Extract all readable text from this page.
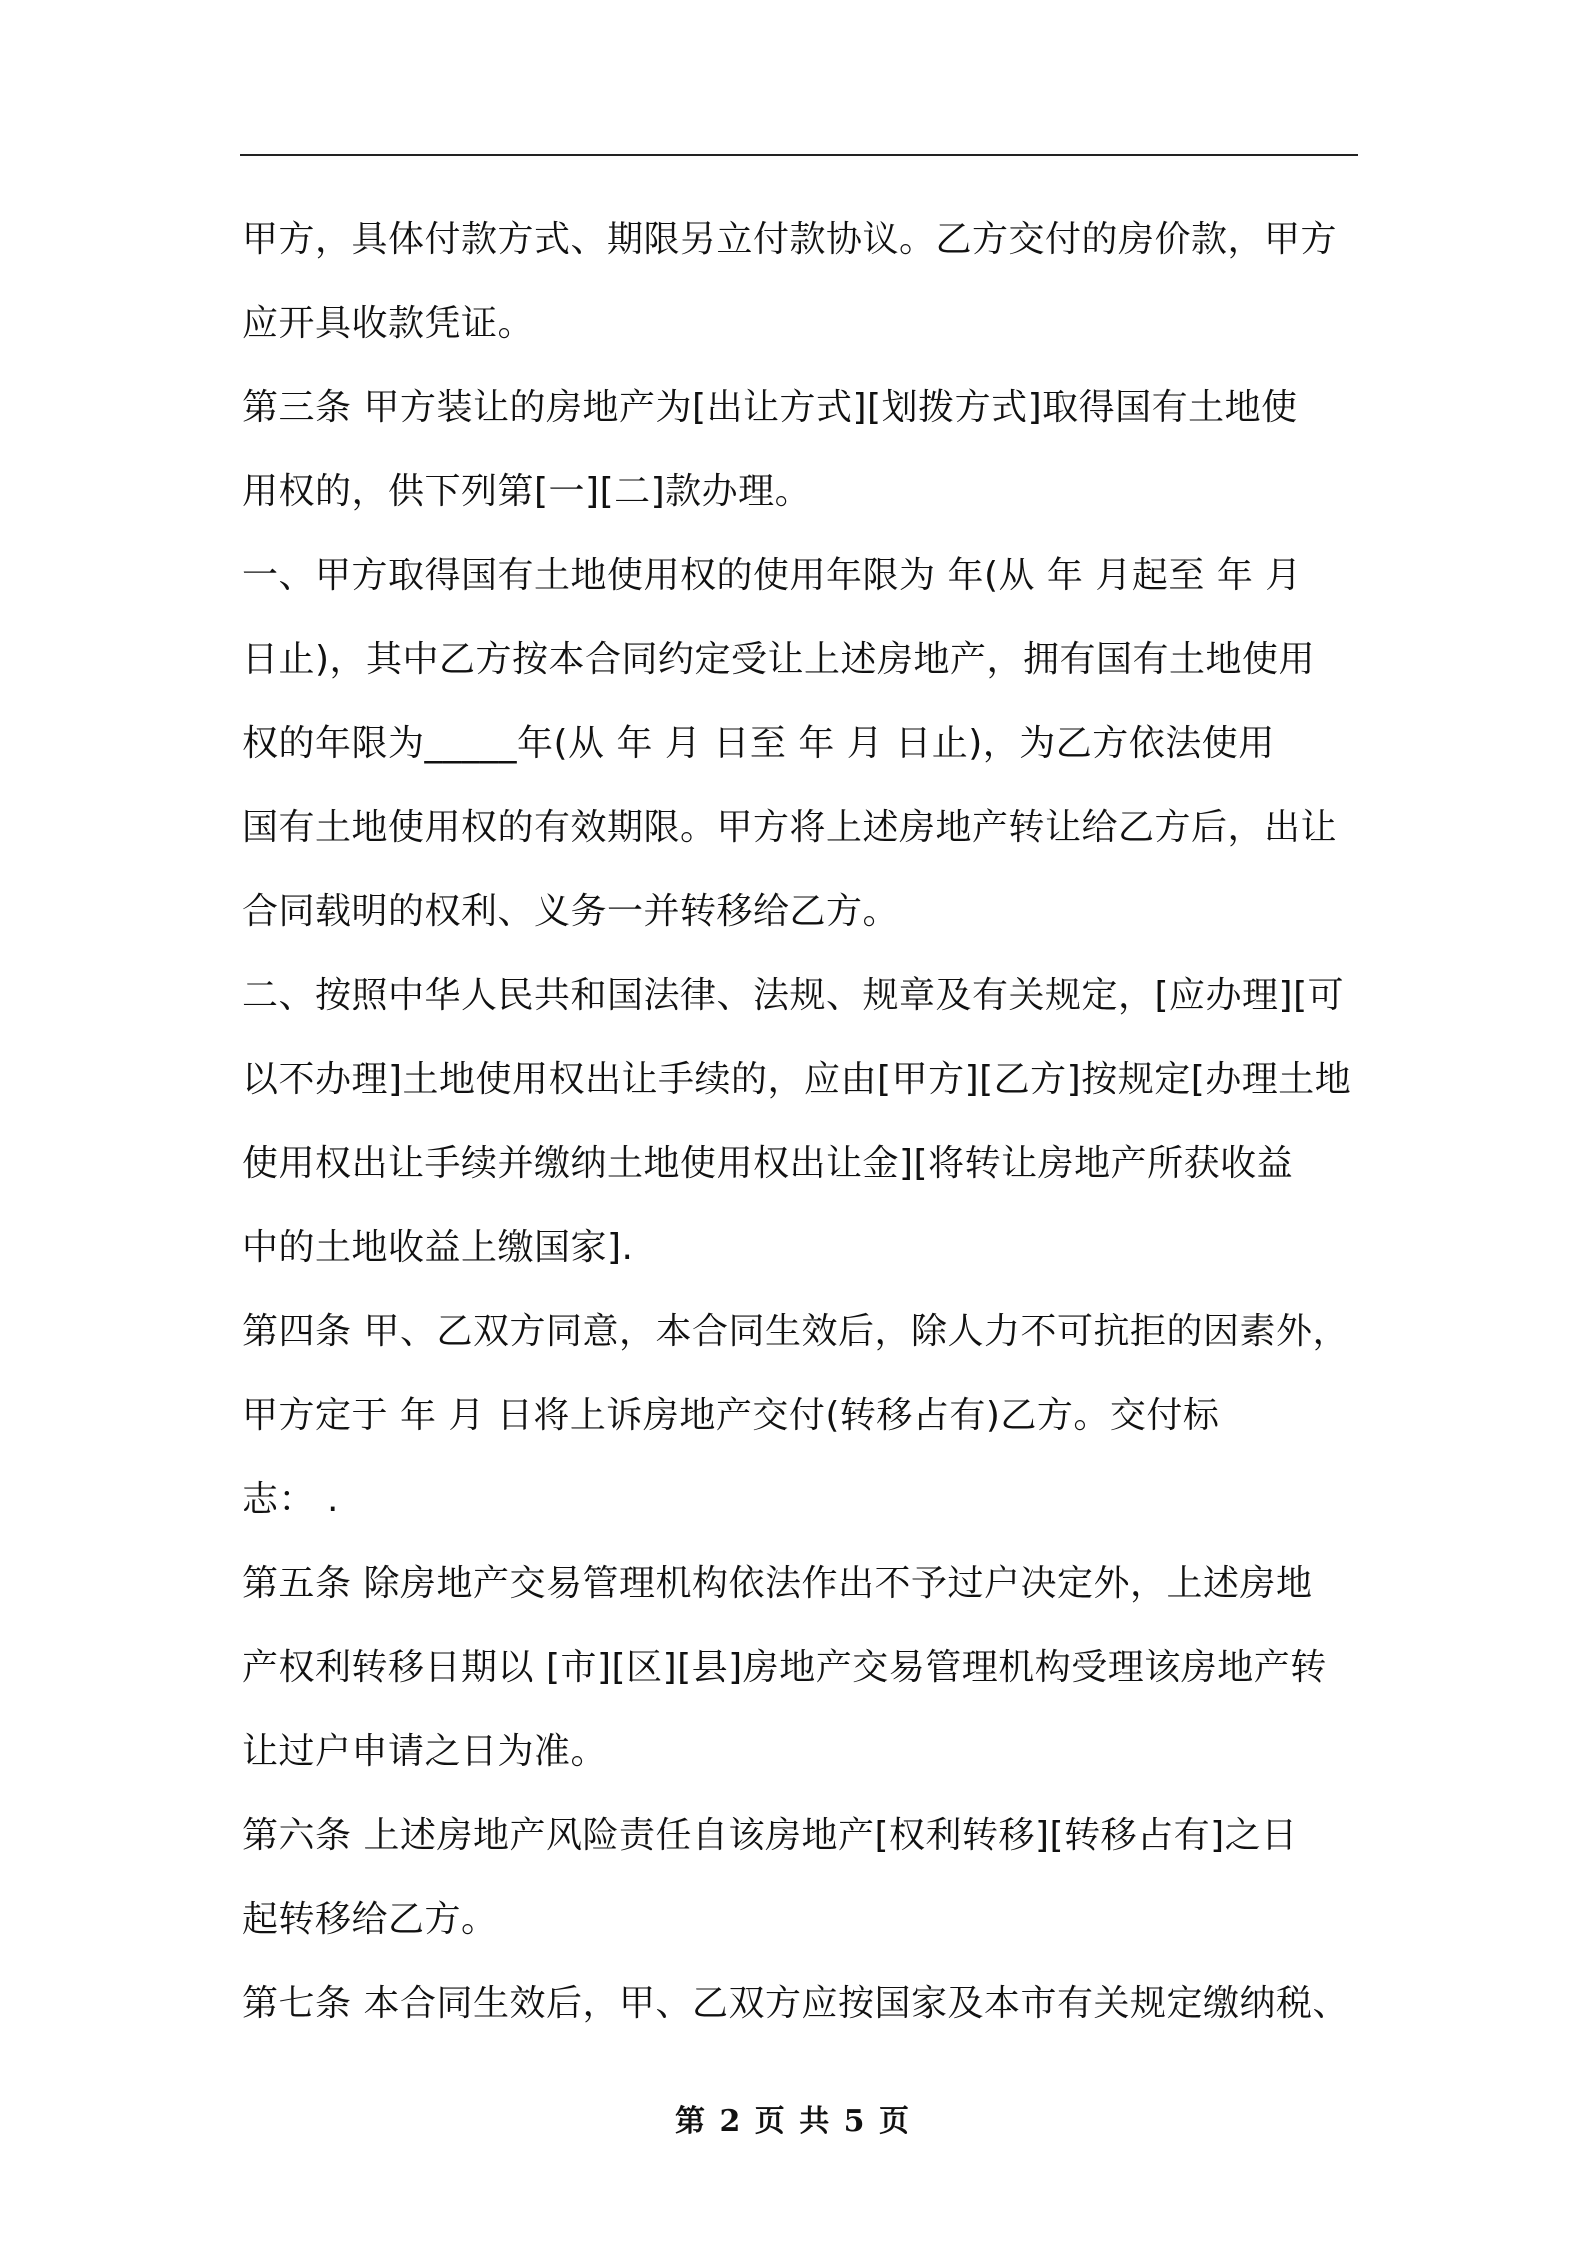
甲方，具体付款方式、期限另立付款协议。乙方交付的房价款，甲方

应开具收款凭证。

第三条 甲方装让的房地产为[出让方式][划拨方式]取得国有土地使

用权的，供下列第[一][二]款办理。

一、甲方取得国有土地使用权的使用年限为 年(从 年 月起至 年 月

日止)，其中乙方按本合同约定受让上述房地产，拥有国有土地使用

权的年限为_____年(从 年 月 日至 年 月 日止)，为乙方依法使用

国有土地使用权的有效期限。甲方将上述房地产转让给乙方后，出让

合同载明的权利、义务一并转移给乙方。

二、按照中华人民共和国法律、法规、规章及有关规定，[应办理][可

以不办理]土地使用权出让手续的，应由[甲方][乙方]按规定[办理土地

使用权出让手续并缴纳土地使用权出让金][将转让房地产所获收益

中的土地收益上缴国家].

第四条 甲、乙双方同意，本合同生效后，除人力不可抗拒的因素外，

甲方定于 年 月 日将上诉房地产交付(转移占有)乙方。交付标

志： .

第五条 除房地产交易管理机构依法作出不予过户决定外，上述房地

产权利转移日期以 [市][区][县]房地产交易管理机构受理该房地产转

让过户申请之日为准。

第六条 上述房地产风险责任自该房地产[权利转移][转移占有]之日

起转移给乙方。

第七条 本合同生效后，甲、乙双方应按国家及本市有关规定缴纳税、

第 2 页 共 5 页
